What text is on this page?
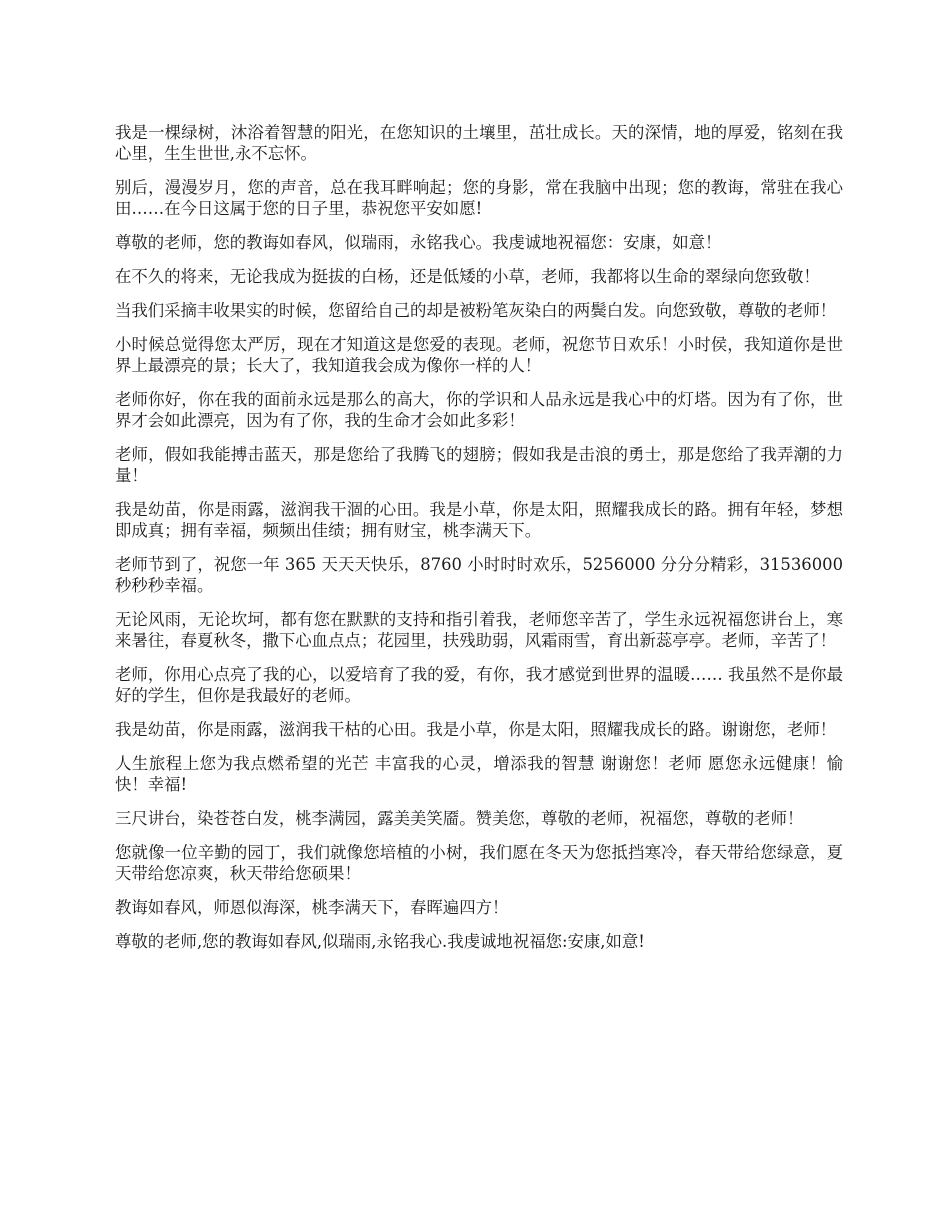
我是一棵绿树，沐浴着智慧的阳光，在您知识的土壤里，茁壮成长。天的深情，地的厚爱，铭刻在我心里，生生世世,永不忘怀。

别后，漫漫岁月，您的声音，总在我耳畔响起；您的身影，常在我脑中出现；您的教诲，常驻在我心田……在今日这属于您的日子里，恭祝您平安如愿!

尊敬的老师，您的教诲如春风，似瑞雨，永铭我心。我虔诚地祝福您：安康，如意！

在不久的将来，无论我成为挺拔的白杨，还是低矮的小草，老师，我都将以生命的翠绿向您致敬！

当我们采摘丰收果实的时候，您留给自己的却是被粉笔灰染白的两鬓白发。向您致敬，尊敬的老师！

小时候总觉得您太严厉，现在才知道这是您爱的表现。老师，祝您节日欢乐！小时侯，我知道你是世界上最漂亮的景；长大了，我知道我会成为像你一样的人！

老师你好，你在我的面前永远是那么的高大，你的学识和人品永远是我心中的灯塔。因为有了你，世界才会如此漂亮，因为有了你，我的生命才会如此多彩！

老师，假如我能搏击蓝天，那是您给了我腾飞的翅膀；假如我是击浪的勇士，那是您给了我弄潮的力量！

我是幼苗，你是雨露，滋润我干涸的心田。我是小草，你是太阳，照耀我成长的路。拥有年轻，梦想即成真；拥有幸福，频频出佳绩；拥有财宝，桃李满天下。

老师节到了，祝您一年 365 天天天快乐，8760 小时时时欢乐，5256000 分分分精彩，31536000 秒秒秒幸福。

无论风雨，无论坎坷，都有您在默默的支持和指引着我，老师您辛苦了，学生永远祝福您讲台上，寒来暑往，春夏秋冬，撒下心血点点；花园里，扶残助弱，风霜雨雪，育出新蕊亭亭。老师，辛苦了！

老师，你用心点亮了我的心，以爱培育了我的爱，有你，我才感觉到世界的温暖…… 我虽然不是你最好的学生，但你是我最好的老师。

我是幼苗，你是雨露，滋润我干枯的心田。我是小草，你是太阳，照耀我成长的路。谢谢您，老师！

人生旅程上您为我点燃希望的光芒 丰富我的心灵，增添我的智慧 谢谢您！老师 愿您永远健康！愉快！幸福!

三尺讲台，染苍苍白发，桃李满园，露美美笑靥。赞美您，尊敬的老师，祝福您，尊敬的老师！

您就像一位辛勤的园丁，我们就像您培植的小树，我们愿在冬天为您抵挡寒冷，春天带给您绿意，夏天带给您凉爽，秋天带给您硕果！

教诲如春风，师恩似海深，桃李满天下，春晖遍四方！

尊敬的老师,您的教诲如春风,似瑞雨,永铭我心.我虔诚地祝福您:安康,如意!
